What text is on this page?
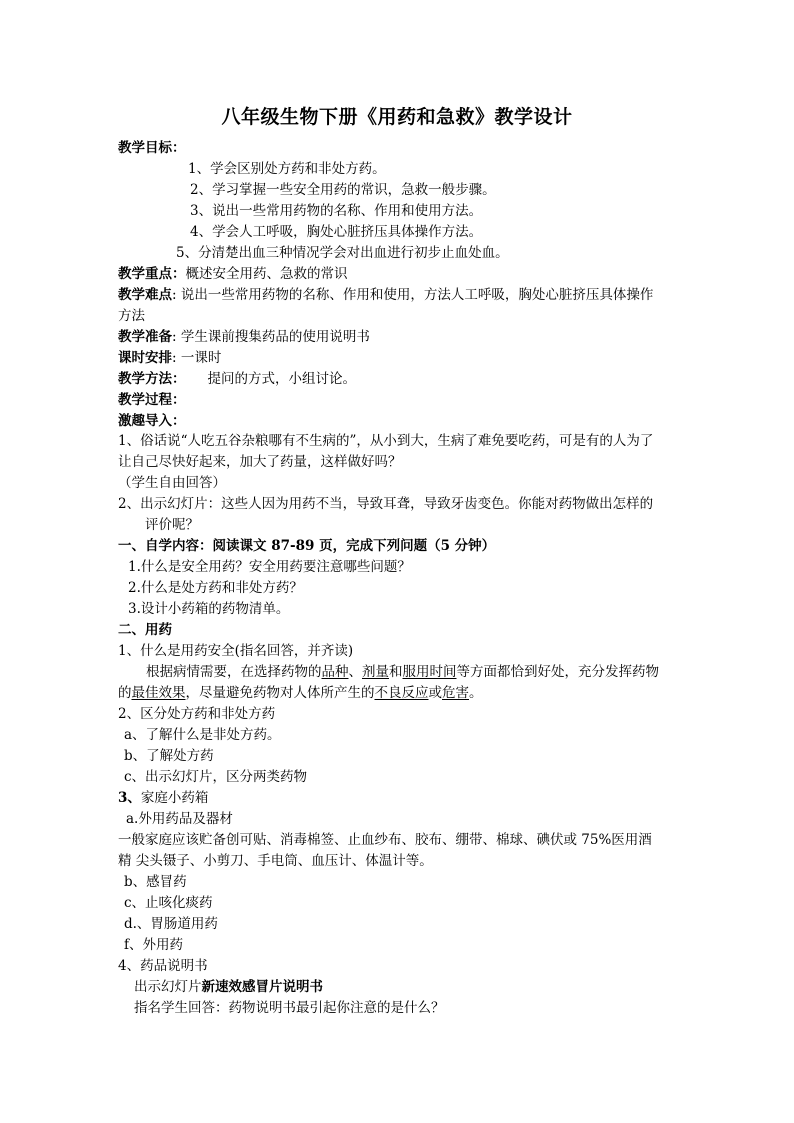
八年级生物下册《用药和急救》教学设计
教学目标：
1、学会区别处方药和非处方药。
2、学习掌握一些安全用药的常识，急救一般步骤。
3、说出一些常用药物的名称、作用和使用方法。
4、学会人工呼吸，胸处心脏挤压具体操作方法。
5、分清楚出血三种情况学会对出血进行初步止血处血。
教学重点：概述安全用药、急救的常识
教学难点: 说出一些常用药物的名称、作用和使用，方法人工呼吸，胸处心脏挤压具体操作
方法
教学准备: 学生课前搜集药品的使用说明书
课时安排: 一课时
教学方法： 提问的方式，小组讨论。
教学过程：
激趣导入：
1、俗话说“人吃五谷杂粮哪有不生病的”，从小到大，生病了难免要吃药，可是有的人为了
让自己尽快好起来，加大了药量，这样做好吗？
（学生自由回答）
2、出示幻灯片：这些人因为用药不当，导致耳聋，导致牙齿变色。你能对药物做出怎样的
评价呢？
一、自学内容：阅读课文 87-89 页，完成下列问题（5 分钟）
1.什么是安全用药？安全用药要注意哪些问题？
2.什么是处方药和非处方药？
3.设计小药箱的药物清单。
二、用药
1、什么是用药安全(指名回答，并齐读)
根据病情需要，在选择药物的品种、剂量和服用时间等方面都恰到好处，充分发挥药物
的最佳效果，尽量避免药物对人体所产生的不良反应或危害。
2、区分处方药和非处方药
a、了解什么是非处方药。
b、了解处方药
c、出示幻灯片，区分两类药物
3、家庭小药箱
a.外用药品及器材
一般家庭应该贮备创可贴、消毒棉签、止血纱布、胶布、绷带、棉球、碘伏或 75%医用酒
精 尖头镊子、小剪刀、手电筒、血压计、体温计等。
b、感冒药
c、止咳化痰药
d.、胃肠道用药
f、外用药
4、药品说明书
出示幻灯片新速效感冒片说明书
指名学生回答：药物说明书最引起你注意的是什么？
